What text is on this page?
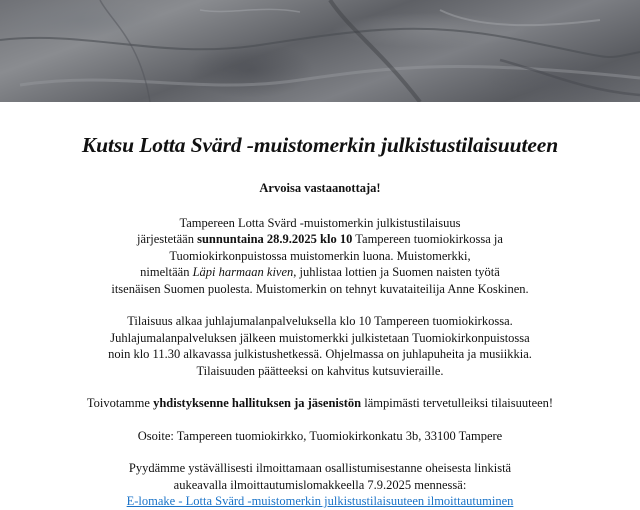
Kutsu Lotta Svärd -muistomerkin julkistustilaisuuteen

Arvoisa vastaanottaja!

Tampereen Lotta Svärd -muistomerkin julkistustilaisuus
järjestetään sunnuntaina 28.9.2025 klo 10 Tampereen tuomiokirkossa ja
Tuomiokirkonpuistossa muistomerkin luona. Muistomerkki,
nimeltään Läpi harmaan kiven, juhlistaa lottien ja Suomen naisten työtä
itsenäisen Suomen puolesta. Muistomerkin on tehnyt kuvataiteilija Anne Koskinen.

Tilaisuus alkaa juhlajumalanpalveluksella klo 10 Tampereen tuomiokirkossa.
Juhlajumalanpalveluksen jälkeen muistomerkki julkistetaan Tuomiokirkonpuistossa
noin klo 11.30 alkavassa julkistushetkessä. Ohjelmassa on juhlapuheita ja musiikkia.
Tilaisuuden päätteeksi on kahvitus kutsuvieraille.

Toivotamme yhdistyksenne hallituksen ja jäsenistön lämpimästi tervetulleiksi tilaisuuteen!

Osoite: Tampereen tuomiokirkko, Tuomiokirkonkatu 3b, 33100 Tampere

Pyydämme ystävällisesti ilmoittamaan osallistumisestanne oheisesta linkistä
aukeavalla ilmoittautumislomakkeella 7.9.2025 mennessä:
E-lomake - Lotta Svärd -muistomerkin julkistustilaisuuteen ilmoittautuminen
